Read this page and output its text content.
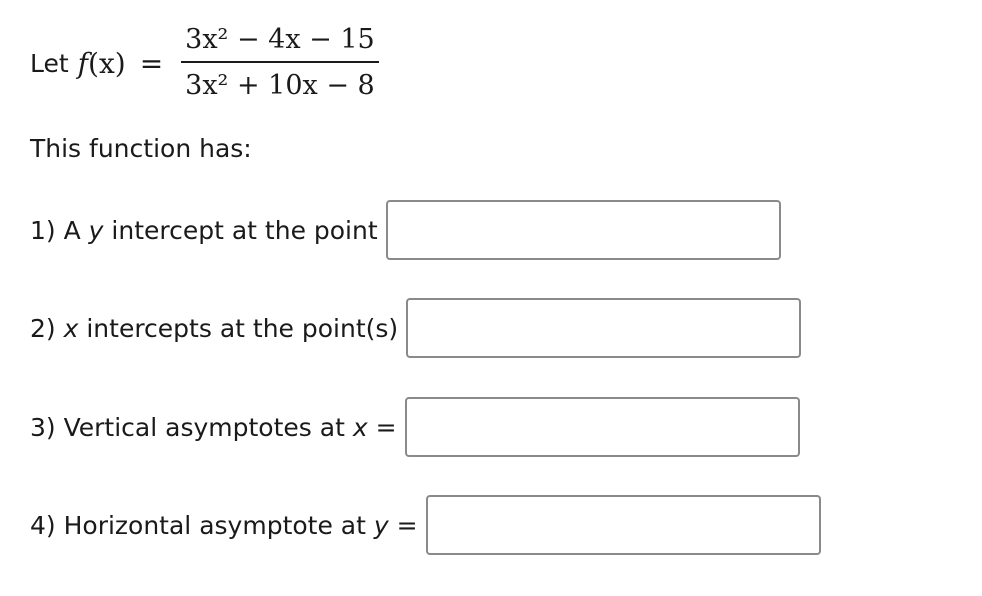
Let f $(x) = \frac{\text{3x² − 4x − 15}}{\text{3x² + 10x − 8}}$
This function has:
1) A y intercept at the point
2) x intercepts at the point(s)
3) Vertical asymptotes at x =
4) Horizontal asymptote at y =
